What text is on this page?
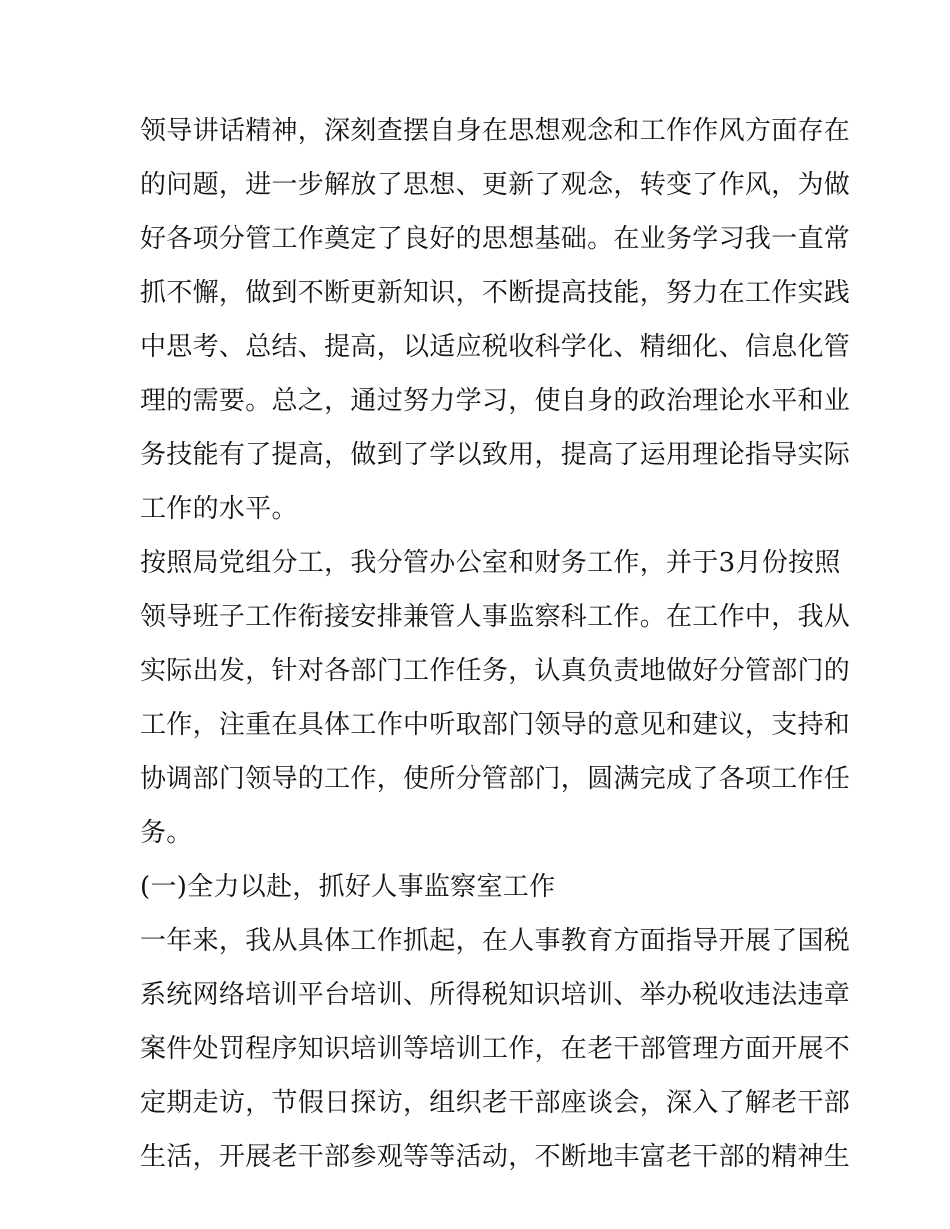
领导讲话精神，深刻查摆自身在思想观念和工作作风方面存在
的问题，进一步解放了思想、更新了观念，转变了作风，为做
好各项分管工作奠定了良好的思想基础。在业务学习我一直常
抓不懈，做到不断更新知识，不断提高技能，努力在工作实践
中思考、总结、提高，以适应税收科学化、精细化、信息化管
理的需要。总之，通过努力学习，使自身的政治理论水平和业
务技能有了提高，做到了学以致用，提高了运用理论指导实际
工作的水平。
按照局党组分工，我分管办公室和财务工作，并于3月份按照
领导班子工作衔接安排兼管人事监察科工作。在工作中，我从
实际出发，针对各部门工作任务，认真负责地做好分管部门的
工作，注重在具体工作中听取部门领导的意见和建议，支持和
协调部门领导的工作，使所分管部门，圆满完成了各项工作任
务。
(一)全力以赴，抓好人事监察室工作
一年来，我从具体工作抓起，在人事教育方面指导开展了国税
系统网络培训平台培训、所得税知识培训、举办税收违法违章
案件处罚程序知识培训等培训工作，在老干部管理方面开展不
定期走访，节假日探访，组织老干部座谈会，深入了解老干部
生活，开展老干部参观等等活动，不断地丰富老干部的精神生
